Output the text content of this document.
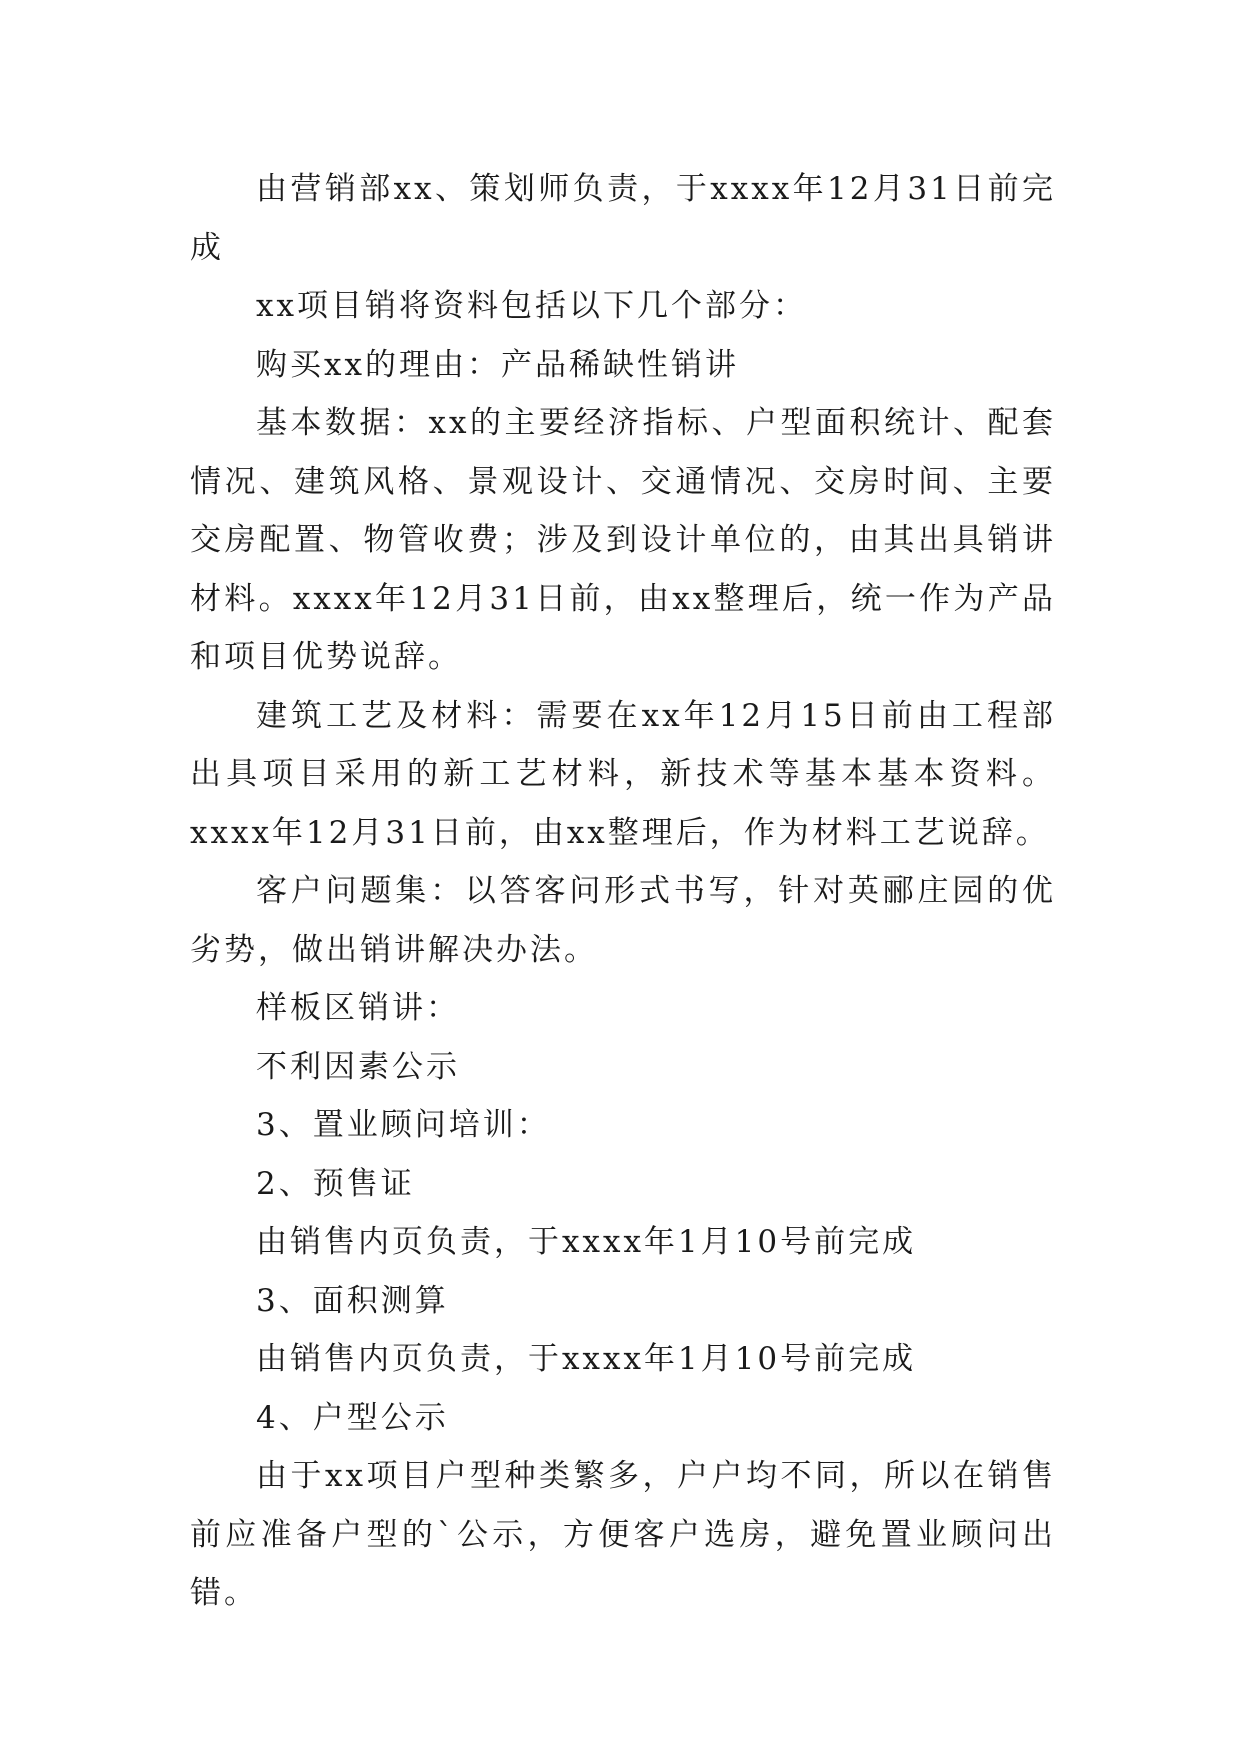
由营销部xx、策划师负责，于xxxx年12月31日前完成

xx项目销将资料包括以下几个部分：

购买xx的理由：产品稀缺性销讲

基本数据：xx的主要经济指标、户型面积统计、配套情况、建筑风格、景观设计、交通情况、交房时间、主要交房配置、物管收费；涉及到设计单位的，由其出具销讲材料。xxxx年12月31日前，由xx整理后，统一作为产品和项目优势说辞。

建筑工艺及材料：需要在xx年12月15日前由工程部出具项目采用的新工艺材料，新技术等基本基本资料。xxxx年12月31日前，由xx整理后，作为材料工艺说辞。

客户问题集：以答客问形式书写，针对英郦庄园的优劣势，做出销讲解决办法。

样板区销讲：

不利因素公示

3、置业顾问培训：

2、预售证

由销售内页负责，于xxxx年1月10号前完成

3、面积测算

由销售内页负责，于xxxx年1月10号前完成

4、户型公示

由于xx项目户型种类繁多，户户均不同，所以在销售前应准备户型的`公示，方便客户选房，避免置业顾问出错。
